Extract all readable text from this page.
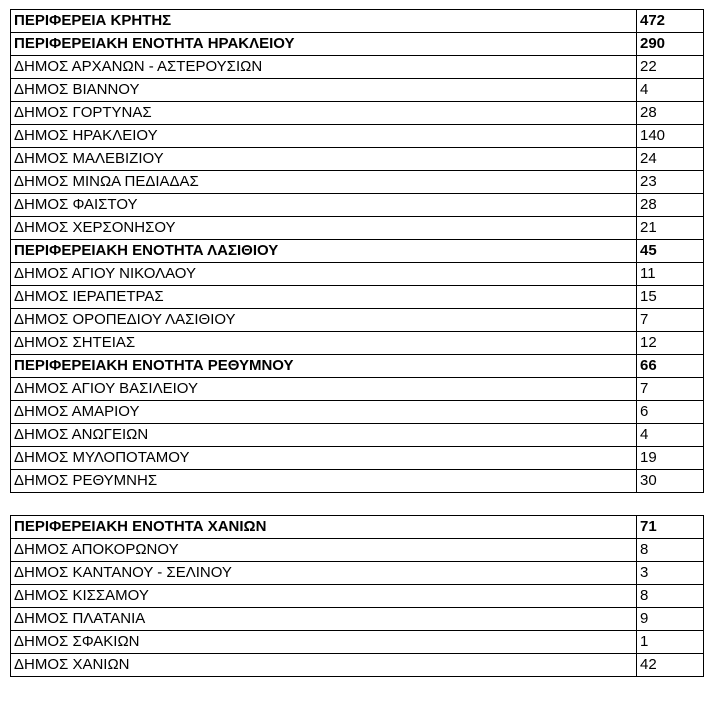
ΠΕΡΙΦΕΡΕΙΑ ΚΡΗΤΗΣ	472
ΠΕΡΙΦΕΡΕΙΑΚΗ ΕΝΟΤΗΤΑ ΗΡΑΚΛΕΙΟΥ	290
ΔΗΜΟΣ ΑΡΧΑΝΩΝ - ΑΣΤΕΡΟΥΣΙΩΝ	22
ΔΗΜΟΣ ΒΙΑΝΝΟΥ	4
ΔΗΜΟΣ ΓΟΡΤΥΝΑΣ	28
ΔΗΜΟΣ ΗΡΑΚΛΕΙΟΥ	140
ΔΗΜΟΣ ΜΑΛΕΒΙΖΙΟΥ	24
ΔΗΜΟΣ ΜΙΝΩΑ ΠΕΔΙΑΔΑΣ	23
ΔΗΜΟΣ ΦΑΙΣΤΟΥ	28
ΔΗΜΟΣ ΧΕΡΣΟΝΗΣΟΥ	21
ΠΕΡΙΦΕΡΕΙΑΚΗ ΕΝΟΤΗΤΑ ΛΑΣΙΘΙΟΥ	45
ΔΗΜΟΣ ΑΓΙΟΥ ΝΙΚΟΛΑΟΥ	11
ΔΗΜΟΣ ΙΕΡΑΠΕΤΡΑΣ	15
ΔΗΜΟΣ ΟΡΟΠΕΔΙΟΥ ΛΑΣΙΘΙΟΥ	7
ΔΗΜΟΣ ΣΗΤΕΙΑΣ	12
ΠΕΡΙΦΕΡΕΙΑΚΗ ΕΝΟΤΗΤΑ ΡΕΘΥΜΝΟΥ	66
ΔΗΜΟΣ ΑΓΙΟΥ ΒΑΣΙΛΕΙΟΥ	7
ΔΗΜΟΣ ΑΜΑΡΙΟΥ	6
ΔΗΜΟΣ ΑΝΩΓΕΙΩΝ	4
ΔΗΜΟΣ ΜΥΛΟΠΟΤΑΜΟΥ	19
ΔΗΜΟΣ ΡΕΘΥΜΝΗΣ	30
ΠΕΡΙΦΕΡΕΙΑΚΗ ΕΝΟΤΗΤΑ ΧΑΝΙΩΝ	71
ΔΗΜΟΣ ΑΠΟΚΟΡΩΝΟΥ	8
ΔΗΜΟΣ ΚΑΝΤΑΝΟΥ - ΣΕΛΙΝΟΥ	3
ΔΗΜΟΣ ΚΙΣΣΑΜΟΥ	8
ΔΗΜΟΣ ΠΛΑΤΑΝΙΑ	9
ΔΗΜΟΣ ΣΦΑΚΙΩΝ	1
ΔΗΜΟΣ ΧΑΝΙΩΝ	42
